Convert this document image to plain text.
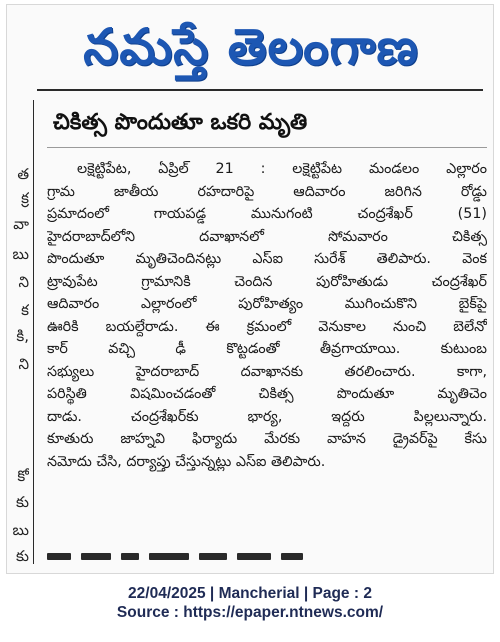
నమస్తే తెలంగాణ
త
క్ర
వా
బు
ని
క
కి,
ని
కో
కు
బు
కు
చికిత్స పొందుతూ ఒకరి మృతి
లక్షెట్టిపేట, ఏప్రిల్ 21 : లక్షెట్టిపేట మండలం ఎల్లారం
గ్రామ జాతీయ రహదారిపై ఆదివారం జరిగిన రోడ్డు
ప్రమాదంలో గాయపడ్డ మునుగంటి చంద్రశేఖర్ (51)
హైదరాబాద్‌లోని దవాఖానలో సోమవారం చికిత్స
పొందుతూ మృతిచెందినట్లు ఎస్ఐ సురేశ్ తెలిపారు. వెంక
ట్రావుపేట గ్రామానికి చెందిన పురోహితుడు చంద్రశేఖర్
ఆదివారం ఎల్లారంలో పురోహిత్యం ముగించుకొని బైక్‌పై
ఊరికి బయల్దేరాడు. ఈ క్రమంలో వెనుకాల నుంచి బెలేనో
కార్ వచ్చి ఢీ కొట్టడంతో తీవ్రగాయాయి. కుటుంబ
సభ్యులు హైదరాబాద్ దవాఖానకు తరలించారు. కాగా,
పరిస్థితి విషమించడంతో చికిత్స పొందుతూ మృతిచెం
దాడు. చంద్రశేఖర్‌కు భార్య, ఇద్దరు పిల్లలున్నారు.
కూతురు జాహ్నవి ఫిర్యాదు మేరకు వాహన డ్రైవర్‌పై కేసు
నమోదు చేసి, దర్యాప్తు చేస్తున్నట్లు ఎస్ఐ తెలిపారు.
22/04/2025 | Mancherial | Page : 2
Source : https://epaper.ntnews.com/
